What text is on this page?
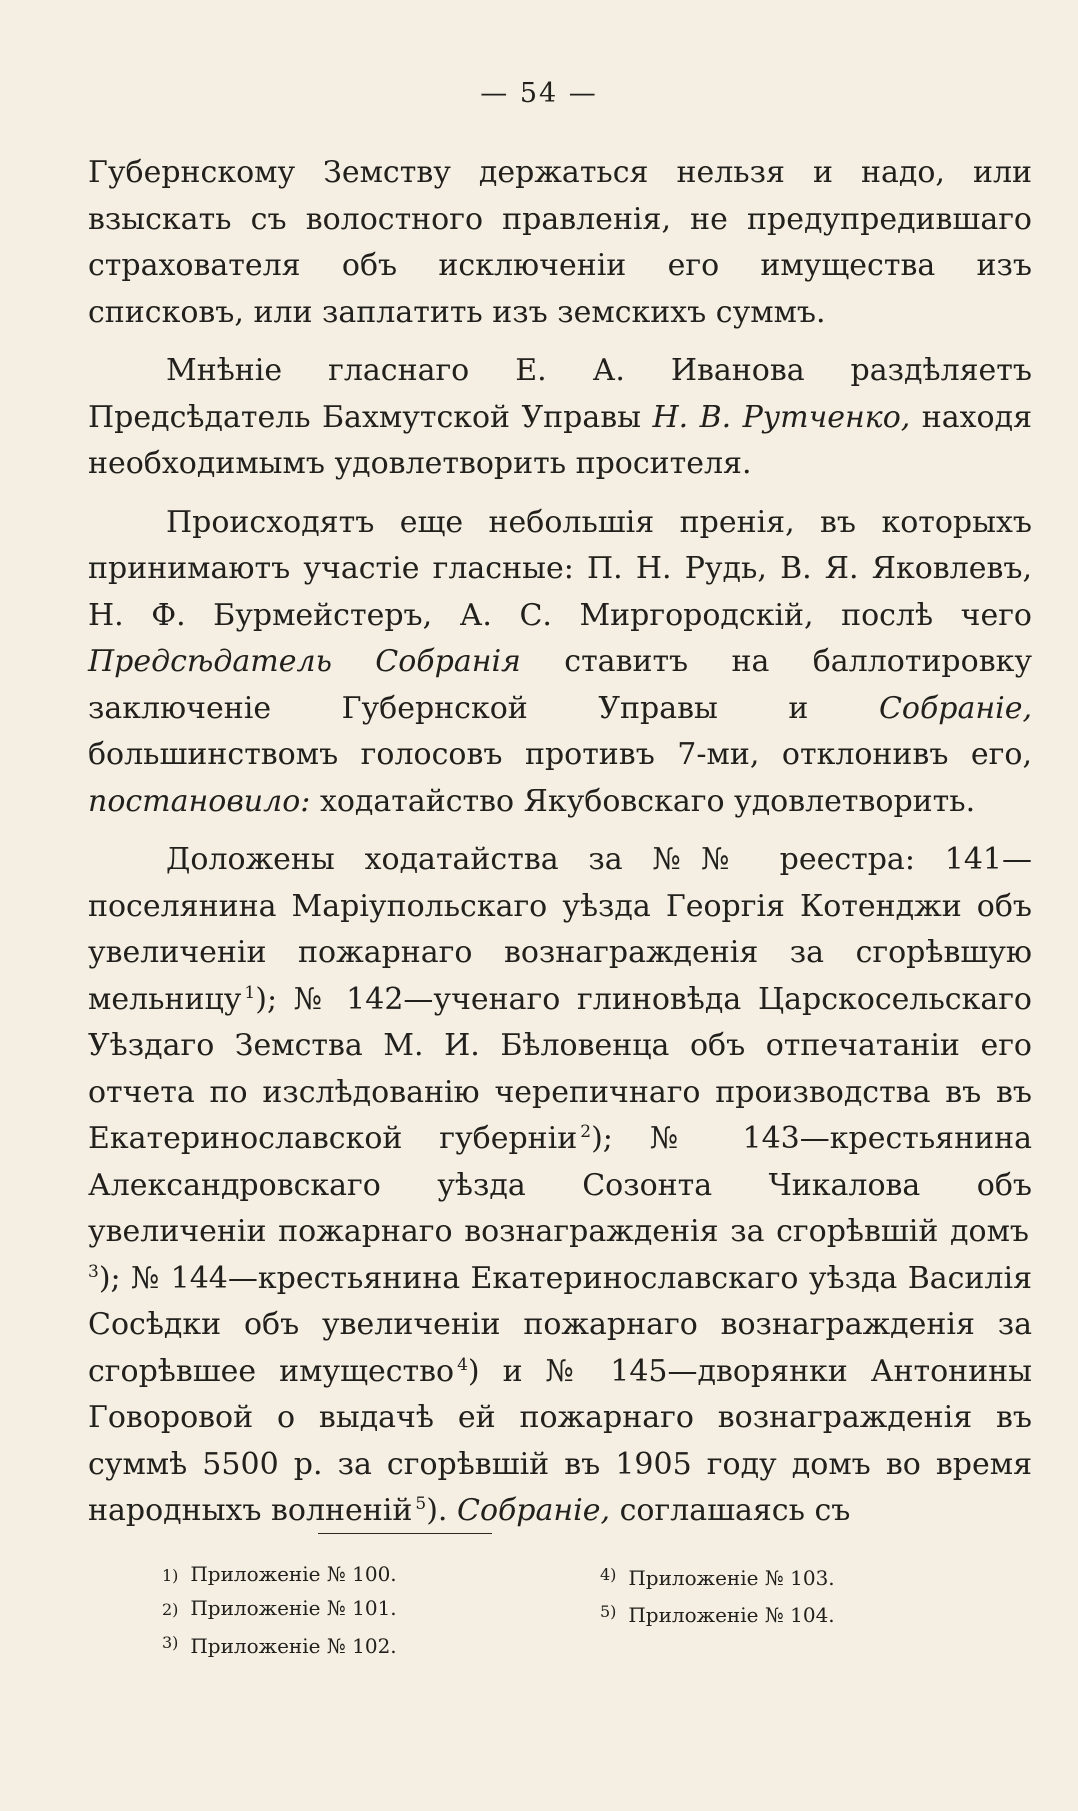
— 54 —

Губернскому Земству держаться нельзя и надо, или взыскать съ волостного правленія, не предупредившаго страхователя объ исключеніи его имущества изъ списковъ, или заплатить изъ земскихъ суммъ.

Мнѣніе гласнаго Е. А. Иванова раздѣляетъ Предсѣдатель Бахмутской Управы Н. В. Рутченко, находя необходимымъ удовлетворить просителя.

Происходятъ еще небольшія пренія, въ которыхъ принимаютъ участіе гласные: П. Н. Рудь, В. Я. Яковлевъ, Н. Ф. Бурмейстеръ, А. С. Миргородскій, послѣ чего Предсѣдатель Собранія ставитъ на баллотировку заключеніе Губернской Управы и Собраніе, большинствомъ голосовъ противъ 7-ми, отклонивъ его, постановило: ходатайство Якубовскаго удовлетворить.

Доложены ходатайства за №№ реестра: 141—поселянина Маріупольскаго уѣзда Георгія Котенджи объ увеличеніи пожарнаго вознагражденія за сгорѣвшую мельницу  $^1$); № 142—ученаго глиновѣда Царскосельскаго Уѣздаго Земства М. И. Бѣловенца объ отпечатаніи его отчета по изслѣдованію черепичнаго производства въ въ Екатеринославской губерніи  $^2$); № 143—крестьянина Александровскаго уѣзда Созонта Чикалова объ увеличеніи пожарнаго вознагражденія за сгорѣвшій домъ $^3$); № 144—крестьянина Екатеринославскаго уѣзда Василія Сосѣдки объ увеличеніи пожарнаго вознагражденія за сгорѣвшее имущество  $^4$) и № 145—дворянки Антонины Говоровой о выдачѣ ей пожарнаго вознагражденія въ суммѣ 5500 р. за сгорѣвшій въ 1905 году домъ во время народныхъ волненій  $^5$). Собраніе, соглашаясь съ

1) Приложеніе № 100.
2) Приложеніе № 101.
3) Приложеніе № 102.
4) Приложеніе № 103.
5) Приложеніе № 104.
